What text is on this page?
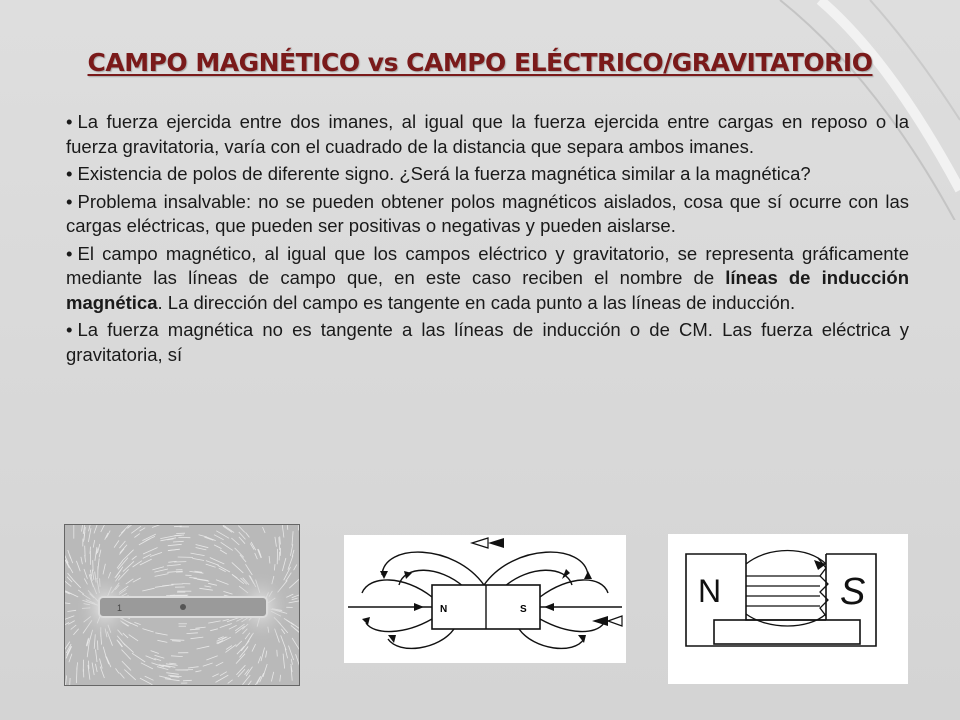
CAMPO MAGNÉTICO vs CAMPO ELÉCTRICO/GRAVITATORIO

• La fuerza ejercida entre dos imanes, al igual que la fuerza ejercida entre cargas en reposo o la fuerza gravitatoria, varía con el cuadrado de la distancia que separa ambos imanes.

• Existencia de polos de diferente signo. ¿Será la fuerza magnética similar a la magnética?

• Problema insalvable: no se pueden obtener polos magnéticos aislados, cosa que sí ocurre con las cargas eléctricas, que pueden ser positivas o negativas y pueden aislarse.

• El campo magnético, al igual que los campos eléctrico y gravitatorio, se representa gráficamente mediante las líneas de campo que, en este caso reciben el nombre de líneas de inducción magnética. La dirección del campo es tangente en cada punto a las líneas de inducción.

• La fuerza magnética no es tangente a las líneas de inducción o de CM. Las fuerza eléctrica y gravitatoria, sí

1	N	S
N	S
